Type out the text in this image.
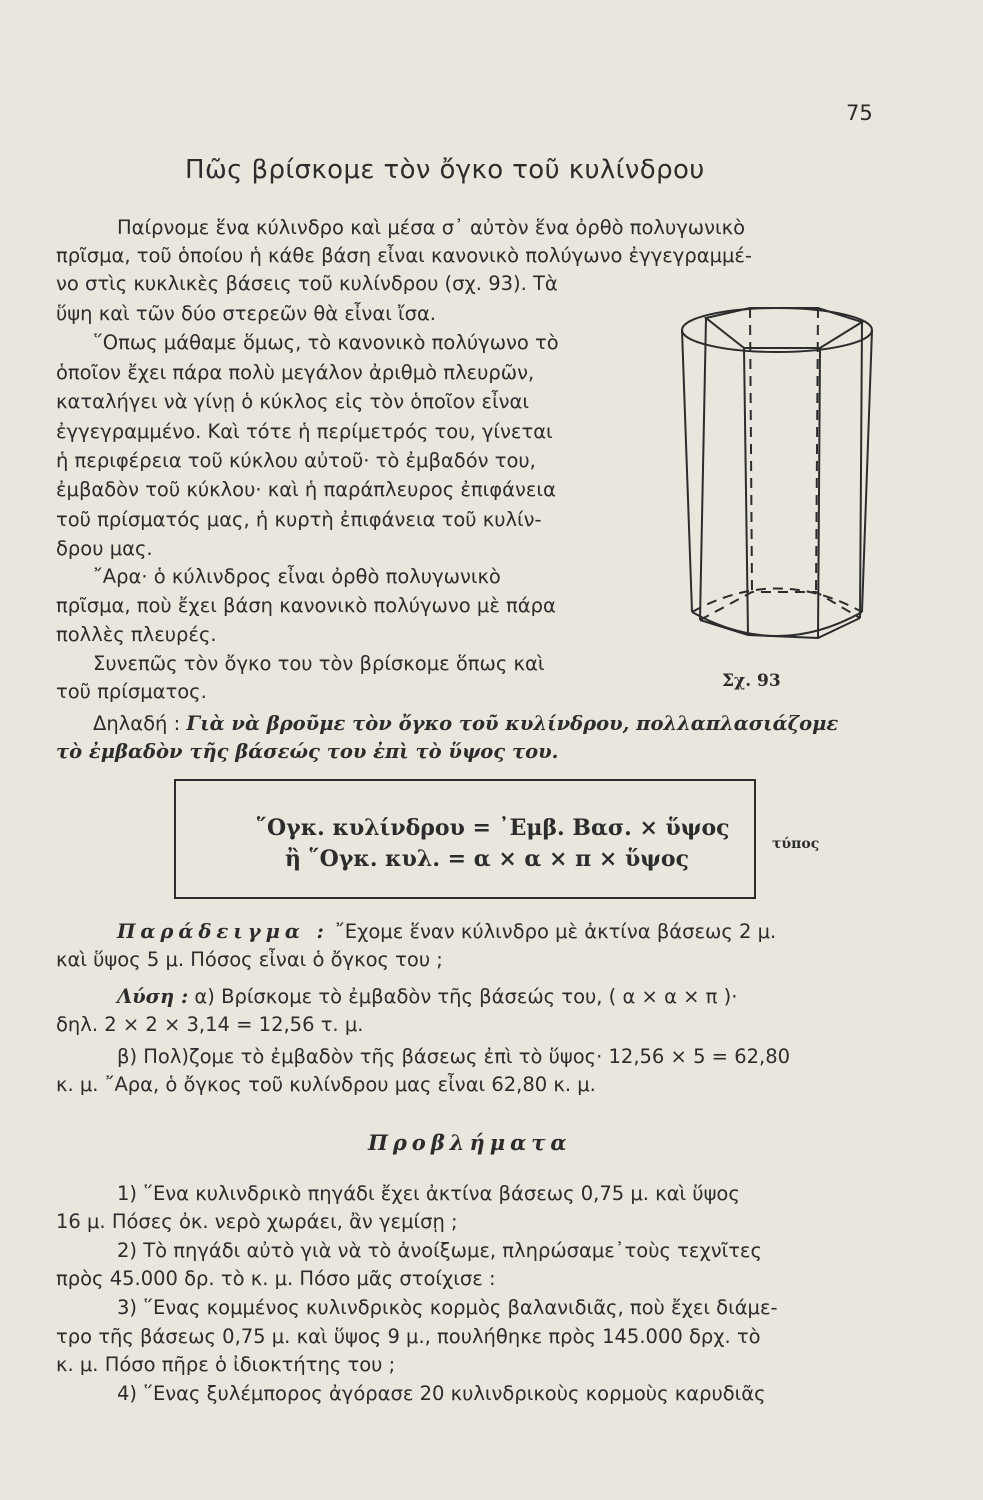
75
Πῶς βρίσκομε τὸν ὄγκο τοῦ κυλίνδρου
Παίρνομε ἕνα κύλινδρο καὶ μέσα σ᾽ αὐτὸν ἕνα ὀρθὸ πολυγωνικὸ
πρῖσμα, τοῦ ὁποίου ἡ κάθε βάση εἶναι κανονικὸ πολύγωνο ἐγγεγραμμέ-
νο στὶς κυκλικὲς βάσεις τοῦ κυλίνδρου (σχ. 93). Τὰ
ὕψη καὶ τῶν δύο στερεῶν θὰ εἶναι ἴσα.
῞Οπως μάθαμε ὅμως, τὸ κανονικὸ πολύγωνο τὸ
ὁποῖον ἔχει πάρα πολὺ μεγάλον ἀριθμὸ πλευρῶν,
καταλήγει νὰ γίνῃ ὁ κύκλος εἰς τὸν ὁποῖον εἶναι
ἐγγεγραμμένο. Καὶ τότε ἡ περίμετρός του, γίνεται
ἡ περιφέρεια τοῦ κύκλου αὐτοῦ· τὸ ἐμβαδόν του,
ἐμβαδὸν τοῦ κύκλου· καὶ ἡ παράπλευρος ἐπιφάνεια
τοῦ πρίσματός μας, ἡ κυρτὴ ἐπιφάνεια τοῦ κυλίν-
δρου μας.
῎Αρα· ὁ κύλινδρος εἶναι ὀρθὸ πολυγωνικὸ
πρῖσμα, ποὺ ἔχει βάση κανονικὸ πολύγωνο μὲ πάρα
πολλὲς πλευρές.
Συνεπῶς τὸν ὄγκο του τὸν βρίσκομε ὅπως καὶ
τοῦ πρίσματος.	Σχ. 93
Δηλαδή : Γιὰ νὰ βροῦμε τὸν ὄγκο τοῦ κυλίνδρου, πολλαπλασιάζομε
τὸ ἐμβαδὸν τῆς βάσεώς του ἐπὶ τὸ ὕψος του.
῞Ογκ. κυλίνδρου = ᾿Εμβ. Βασ. × ὕψος
ἢ ῞Ογκ. κυλ. = α × α × π × ὕψος
τύπος
Παράδειγμα : ῎Εχομε ἕναν κύλινδρο μὲ ἀκτίνα βάσεως 2 μ.
καὶ ὕψος 5 μ. Πόσος εἶναι ὁ ὄγκος του ;
Λύση : α) Βρίσκομε τὸ ἐμβαδὸν τῆς βάσεώς του, ( α × α × π )·
δηλ. 2 × 2 × 3,14 = 12,56 τ. μ.
β) Πολ)ζομε τὸ ἐμβαδὸν τῆς βάσεως ἐπὶ τὸ ὕψος· 12,56 × 5 = 62,80
κ. μ. ῎Αρα, ὁ ὄγκος τοῦ κυλίνδρου μας εἶναι 62,80 κ. μ.
Προβλήματα
1) ῞Ενα κυλινδρικὸ πηγάδι ἔχει ἀκτίνα βάσεως 0,75 μ. καὶ ὕψος
16 μ. Πόσες ὀκ. νερὸ χωράει, ἂν γεμίσῃ ;
2) Τὸ πηγάδι αὐτὸ γιὰ νὰ τὸ ἀνοίξωμε, πληρώσαμε᾽τοὺς τεχνῖτες
πρὸς 45.000 δρ. τὸ κ. μ. Πόσο μᾶς στοίχισε :
3) ῞Ενας κομμένος κυλινδρικὸς κορμὸς βαλανιδιᾶς, ποὺ ἔχει διάμε-
τρο τῆς βάσεως 0,75 μ. καὶ ὕψος 9 μ., πουλήθηκε πρὸς 145.000 δρχ. τὸ
κ. μ. Πόσο πῆρε ὁ ἰδιοκτήτης του ;
4) ῞Ενας ξυλέμπορος ἀγόρασε 20 κυλινδρικοὺς κορμοὺς καρυδιᾶς
